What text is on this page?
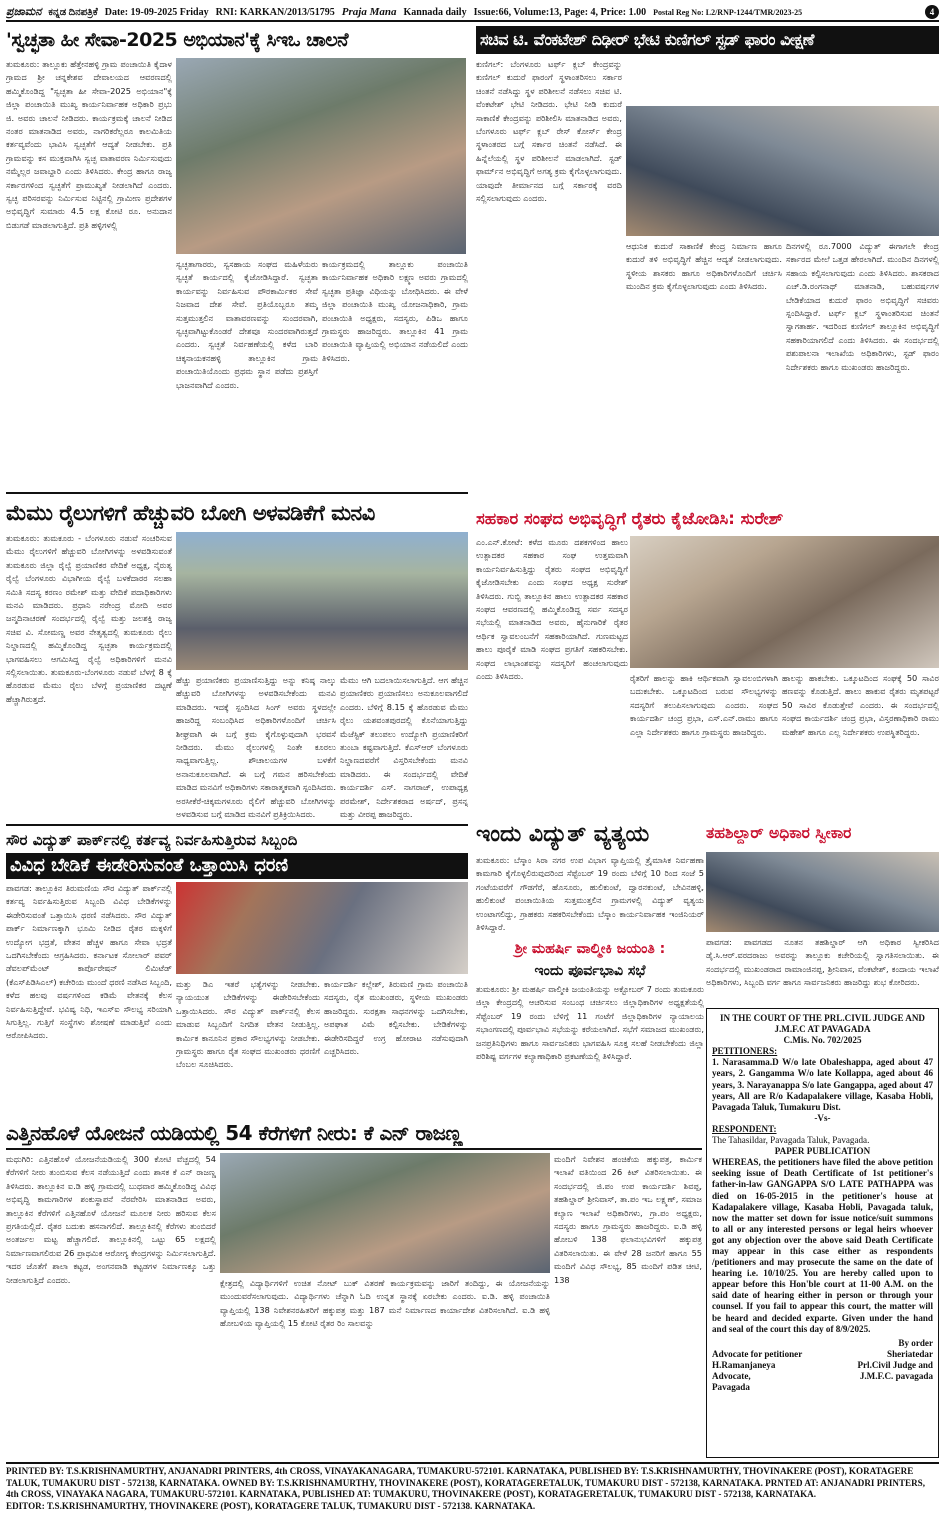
ಪ್ರಜಾಮನ ಕನ್ನಡ ದಿನಪತ್ರಿಕೆ Date: 19-09-2025 Friday RNI: KARKAN/2013/51795 Praja Mana Kannada daily Issue:66, Volume:13, Page: 4, Price: 1.00 Postal Reg No: L2/RNP-1244/TMR/2023-25	4
'ಸ್ವಚ್ಛತಾ ಹೀ ಸೇವಾ-2025 ಅಭಿಯಾನ'ಕ್ಕೆ ಸಿಇಒ ಚಾಲನೆ	ಸಚಿವ ಟಿ. ವೆಂಕಟೇಶ್ ದಿಢೀರ್ ಭೇಟಿ ಕುಣಿಗಲ್ ಸ್ಟಡ್ ಫಾರಂ ವೀಕ್ಷಣೆ
ತುಮಕೂರು: ತಾಲ್ಲೂಕು ಹೆತ್ತೇನಹಳ್ಳಿ ಗ್ರಾಮ ಪಂಚಾಯಿತಿ ಕೈದಾಳ ಗ್ರಾಮದ ಶ್ರೀ ಚನ್ನಕೇಶವ ದೇವಾಲಯದ ಆವರಣದಲ್ಲಿ ಹಮ್ಮಿಕೊಂಡಿದ್ದ "ಸ್ವಚ್ಛತಾ ಹೀ ಸೇವಾ-2025 ಅಭಿಯಾನ"ಕ್ಕೆ ಜಿಲ್ಲಾ ಪಂಚಾಯಿತಿ ಮುಖ್ಯ ಕಾರ್ಯನಿರ್ವಾಹಕ ಅಧಿಕಾರಿ ಪ್ರಭು ಜಿ. ಅವರು ಚಾಲನೆ ನೀಡಿದರು. ಕಾರ್ಯಕ್ರಮಕ್ಕೆ ಚಾಲನೆ ನೀಡಿದ ನಂತರ ಮಾತನಾಡಿದ ಅವರು, ನಾಗರಿಕರೆಲ್ಲರೂ ಕಾಲಮಿತಿಯ ಕರ್ತವ್ಯವೆಂದು ಭಾವಿಸಿ ಸ್ವಚ್ಛತೆಗೆ ಆದ್ಯತೆ ನೀಡಬೇಕು. ಪ್ರತಿ ಗ್ರಾಮವನ್ನು ಕಸ ಮುಕ್ತವಾಗಿಸಿ ಸ್ವಚ್ಛ ವಾತಾವರಣ ನಿರ್ಮಿಸುವುದು ನಮ್ಮೆಲ್ಲರ ಜವಾಬ್ದಾರಿ ಎಂದು ತಿಳಿಸಿದರು. ಕೇಂದ್ರ ಹಾಗೂ ರಾಜ್ಯ ಸರ್ಕಾರಗಳಿಂದ ಸ್ವಚ್ಛತೆಗೆ ಪ್ರಾಮುಖ್ಯತೆ ನೀಡಲಾಗಿದೆ ಎಂದರು. ಸ್ವಚ್ಛ ಪರಿಸರವನ್ನು ನಿರ್ಮಿಸುವ ನಿಟ್ಟಿನಲ್ಲಿ ಗ್ರಾಮೀಣ ಪ್ರದೇಶಗಳ ಅಭಿವೃದ್ಧಿಗೆ ಸುಮಾರು 4.5 ಲಕ್ಷ ಕೋಟಿ ರೂ. ಅನುದಾನ ಬಿಡುಗಡೆ ಮಾಡಲಾಗುತ್ತಿದೆ. ಪ್ರತಿ ಹಳ್ಳಿಗಳಲ್ಲಿ
ಸ್ವಚ್ಛತಾಗಾರರು, ಸ್ವಸಹಾಯ ಸಂಘದ ಮಹಿಳೆಯರು ಸ್ವಚ್ಛತೆ ಕಾರ್ಯದಲ್ಲಿ ಕೈಜೋಡಿಸಿದ್ದಾರೆ. ಸ್ವಚ್ಛತಾ ಕಾರ್ಯವನ್ನು ನಿರ್ವಹಿಸುವ ಪೌರಕಾರ್ಮಿಕರ ಸೇವೆ ನಿಜವಾದ ದೇಶ ಸೇವೆ. ಪ್ರತಿಯೊಬ್ಬರೂ ತಮ್ಮ ಸುತ್ತಮುತ್ತಲಿನ ವಾತಾವರಣವನ್ನು ಸುಂದರವಾಗಿ, ಸ್ವಚ್ಛವಾಗಿಟ್ಟುಕೊಂಡರೆ ದೇಶವೂ ಸುಂದರವಾಗಿರುತ್ತದೆ ಎಂದರು. ಸ್ವಚ್ಛತೆ ನಿರ್ವಹಣೆಯಲ್ಲಿ ಕಳೆದ ಬಾರಿ ಚಿಕ್ಕನಾಯಕನಹಳ್ಳಿ ತಾಲ್ಲೂಕಿನ ಗ್ರಾಮ ಪಂಚಾಯಿತಿಯೊಂದು ಪ್ರಥಮ ಸ್ಥಾನ ಪಡೆದು ಪ್ರಶಸ್ತಿಗೆ ಭಾಜನವಾಗಿದೆ ಎಂದರು.
ಕಾರ್ಯಕ್ರಮದಲ್ಲಿ ತಾಲ್ಲೂಕು ಪಂಚಾಯಿತಿ ಕಾರ್ಯನಿರ್ವಾಹಕ ಅಧಿಕಾರಿ ಲಕ್ಷ್ಮಣ ಅವರು ಗ್ರಾಮದಲ್ಲಿ ಸ್ವಚ್ಛತಾ ಪ್ರತಿಜ್ಞಾ ವಿಧಿಯನ್ನು ಬೋಧಿಸಿದರು. ಈ ವೇಳೆ ಜಿಲ್ಲಾ ಪಂಚಾಯಿತಿ ಮುಖ್ಯ ಯೋಜನಾಧಿಕಾರಿ, ಗ್ರಾಮ ಪಂಚಾಯಿತಿ ಅಧ್ಯಕ್ಷರು, ಸದಸ್ಯರು, ಪಿಡಿಒ ಹಾಗೂ ಗ್ರಾಮಸ್ಥರು ಹಾಜರಿದ್ದರು. ತಾಲ್ಲೂಕಿನ 41 ಗ್ರಾಮ ಪಂಚಾಯಿತಿ ವ್ಯಾಪ್ತಿಯಲ್ಲಿ ಅಭಿಯಾನ ನಡೆಯಲಿದೆ ಎಂದು ತಿಳಿಸಿದರು.
ಕುಣಿಗಲ್: ಬೆಂಗಳೂರು ಟರ್ಫ್ ಕ್ಲಬ್ ಕೇಂದ್ರವನ್ನು ಕುಣಿಗಲ್ ಕುದುರೆ ಫಾರಂಗೆ ಸ್ಥಳಾಂತರಿಸಲು ಸರ್ಕಾರ ಚಿಂತನೆ ನಡೆಸಿದ್ದು ಸ್ಥಳ ಪರಿಶೀಲನೆ ನಡೆಸಲು ಸಚಿವ ಟಿ. ವೆಂಕಟೇಶ್ ಭೇಟಿ ನೀಡಿದರು. ಭೇಟಿ ನೀಡಿ ಕುದುರೆ ಸಾಕಾಣಿಕೆ ಕೇಂದ್ರವನ್ನು ಪರಿಶೀಲಿಸಿ ಮಾತನಾಡಿದ ಅವರು, ಬೆಂಗಳೂರು ಟರ್ಫ್ ಕ್ಲಬ್ ರೇಸ್ ಕೋರ್ಸ್ ಕೇಂದ್ರ ಸ್ಥಳಾಂತರದ ಬಗ್ಗೆ ಸರ್ಕಾರ ಚಿಂತನೆ ನಡೆಸಿದೆ. ಈ ಹಿನ್ನೆಲೆಯಲ್ಲಿ ಸ್ಥಳ ಪರಿಶೀಲನೆ ಮಾಡಲಾಗಿದೆ. ಸ್ಟಡ್ ಫಾರ್ಮ್‌ನ ಅಭಿವೃದ್ಧಿಗೆ ಅಗತ್ಯ ಕ್ರಮ ಕೈಗೊಳ್ಳಲಾಗುವುದು. ಯಾವುದೇ ತೀರ್ಮಾನದ ಬಗ್ಗೆ ಸರ್ಕಾರಕ್ಕೆ ವರದಿ ಸಲ್ಲಿಸಲಾಗುವುದು ಎಂದರು.
ಆಧುನಿಕ ಕುದುರೆ ಸಾಕಾಣಿಕೆ ಕೇಂದ್ರ ನಿರ್ಮಾಣ ಹಾಗೂ ಕುದುರೆ ತಳಿ ಅಭಿವೃದ್ಧಿಗೆ ಹೆಚ್ಚಿನ ಆದ್ಯತೆ ನೀಡಲಾಗುವುದು. ಸ್ಥಳೀಯ ಶಾಸಕರು ಹಾಗೂ ಅಧಿಕಾರಿಗಳೊಂದಿಗೆ ಚರ್ಚಿಸಿ ಮುಂದಿನ ಕ್ರಮ ಕೈಗೊಳ್ಳಲಾಗುವುದು ಎಂದು ತಿಳಿಸಿದರು.
ದಿನಗಳಲ್ಲಿ ರೂ.7000 ವಿದ್ಯುತ್ ಈಗಾಗಲೇ ಕೇಂದ್ರ ಸರ್ಕಾರದ ಮೇಲೆ ಒತ್ತಡ ಹೇರಲಾಗಿದೆ. ಮುಂದಿನ ದಿನಗಳಲ್ಲಿ ಸಹಾಯ ಕಲ್ಪಿಸಲಾಗುವುದು ಎಂದು ತಿಳಿಸಿದರು. ಶಾಸಕರಾದ ಎಚ್.ಡಿ.ರಂಗನಾಥ್ ಮಾತನಾಡಿ, ಬಹುವರ್ಷಗಳ ಬೇಡಿಕೆಯಾದ ಕುದುರೆ ಫಾರಂ ಅಭಿವೃದ್ಧಿಗೆ ಸಚಿವರು ಸ್ಪಂದಿಸಿದ್ದಾರೆ. ಟರ್ಫ್ ಕ್ಲಬ್ ಸ್ಥಳಾಂತರಿಸುವ ಚಿಂತನೆ ಸ್ವಾಗತಾರ್ಹ. ಇದರಿಂದ ಕುಣಿಗಲ್ ತಾಲ್ಲೂಕಿನ ಅಭಿವೃದ್ಧಿಗೆ ಸಹಕಾರಿಯಾಗಲಿದೆ ಎಂದು ತಿಳಿಸಿದರು. ಈ ಸಂದರ್ಭದಲ್ಲಿ ಪಶುಪಾಲನಾ ಇಲಾಖೆಯ ಅಧಿಕಾರಿಗಳು, ಸ್ಟಡ್ ಫಾರಂ ನಿರ್ದೇಶಕರು ಹಾಗೂ ಮುಖಂಡರು ಹಾಜರಿದ್ದರು.
ಮೆಮು ರೈಲುಗಳಿಗೆ ಹೆಚ್ಚುವರಿ ಬೋಗಿ ಅಳವಡಿಕೆಗೆ ಮನವಿ
ತುಮಕೂರು: ತುಮಕೂರು - ಬೆಂಗಳೂರು ನಡುವೆ ಸಂಚರಿಸುವ ಮೆಮು ರೈಲುಗಳಿಗೆ ಹೆಚ್ಚುವರಿ ಬೋಗಿಗಳನ್ನು ಅಳವಡಿಸುವಂತೆ ತುಮಕೂರು ಜಿಲ್ಲಾ ರೈಲ್ವೆ ಪ್ರಯಾಣಿಕರ ವೇದಿಕೆ ಅಧ್ಯಕ್ಷ, ನೈರುತ್ಯ ರೈಲ್ವೆ ಬೆಂಗಳೂರು ವಿಭಾಗೀಯ ರೈಲ್ವೆ ಬಳಕೆದಾರರ ಸಲಹಾ ಸಮಿತಿ ಸದಸ್ಯ ಕರಣಂ ರಮೇಶ್ ಮತ್ತು ವೇದಿಕೆ ಪದಾಧಿಕಾರಿಗಳು ಮನವಿ ಮಾಡಿದರು. ಪ್ರಧಾನಿ ನರೇಂದ್ರ ಮೋದಿ ಅವರ ಜನ್ಮದಿನಾಚರಣೆ ಸಂದರ್ಭದಲ್ಲಿ ರೈಲ್ವೆ ಮತ್ತು ಜಲಶಕ್ತಿ ರಾಜ್ಯ ಸಚಿವ ವಿ. ಸೋಮಣ್ಣ ಅವರ ನೇತೃತ್ವದಲ್ಲಿ ತುಮಕೂರು ರೈಲು ನಿಲ್ದಾಣದಲ್ಲಿ ಹಮ್ಮಿಕೊಂಡಿದ್ದ ಸ್ವಚ್ಛತಾ ಕಾರ್ಯಕ್ರಮದಲ್ಲಿ ಭಾಗವಹಿಸಲು ಆಗಮಿಸಿದ್ದ ರೈಲ್ವೆ ಅಧಿಕಾರಿಗಳಿಗೆ ಮನವಿ ಸಲ್ಲಿಸಲಾಯಿತು. ತುಮಕೂರು-ಬೆಂಗಳೂರು ನಡುವೆ ಬೆಳಗ್ಗೆ 8 ಕ್ಕೆ ಹೊರಡುವ ಮೆಮು ರೈಲು ಬೆಳಗ್ಗೆ ಪ್ರಯಾಣಿಕರ ದಟ್ಟಣೆ ಹೆಚ್ಚಾಗಿರುತ್ತದೆ.
ಹೆಚ್ಚು ಪ್ರಯಾಣಿಕರು ಪ್ರಯಾಣಿಸುತ್ತಿದ್ದು ಅನ್ನು ಕನಿಷ್ಠ ನಾಲ್ಕು ಹೆಚ್ಚುವರಿ ಬೋಗಿಗಳನ್ನು ಅಳವಡಿಸಬೇಕೆಂದು ಮನವಿ ಮಾಡಿದರು. ಇದಕ್ಕೆ ಸ್ಪಂದಿಸಿದ ಸಿಂಗ್ ಅವರು ಸ್ಥಳದಲ್ಲೇ ಹಾಜರಿದ್ದ ಸಂಬಂಧಿಸಿದ ಅಧಿಕಾರಿಗಳೊಂದಿಗೆ ಚರ್ಚಿಸಿ ಶೀಘ್ರವಾಗಿ ಈ ಬಗ್ಗೆ ಕ್ರಮ ಕೈಗೊಳ್ಳುವುದಾಗಿ ಭರವಸೆ ನೀಡಿದರು. ಮೆಮು ರೈಲುಗಳಲ್ಲಿ ನಿಂತೇ ಕೂರಲು ಸಾಧ್ಯವಾಗುತ್ತಿಲ್ಲ. ಶೌಚಾಲಯಗಳ ಬಳಕೆಗೆ ಅನಾನುಕೂಲವಾಗಿದೆ. ಈ ಬಗ್ಗೆ ಗಮನ ಹರಿಸಬೇಕೆಂದು ಮಾಡಿದ ಮನವಿಗೆ ಅಧಿಕಾರಿಗಳು ಸಕಾರಾತ್ಮಕವಾಗಿ ಸ್ಪಂದಿಸಿದರು. ಅರಸೀಕೆರೆ-ಚಿಕ್ಕಮಗಳೂರು ರೈಲಿಗೆ ಹೆಚ್ಚುವರಿ ಬೋಗಿಗಳನ್ನು ಅಳವಡಿಸುವ ಬಗ್ಗೆ ಮಾಡಿದ ಮನವಿಗೆ ಪ್ರತಿಕ್ರಿಯಿಸಿದರು.
ಮೆಮು ಆಗಿ ಬದಲಾಯಿಸಲಾಗುತ್ತಿದೆ. ಆಗ ಹೆಚ್ಚಿನ ಪ್ರಯಾಣಿಕರು ಪ್ರಯಾಣಿಸಲು ಅನುಕೂಲವಾಗಲಿದೆ ಎಂದರು. ಬೆಳಿಗ್ಗೆ 8.15 ಕ್ಕೆ ಹೊರಡುವ ಮೆಮು ರೈಲು ಯಶವಂತಪುರದಲ್ಲಿ ಕೊನೆಯಾಗುತ್ತಿದ್ದು ಮೆಜೆಸ್ಟಿಕ್ ತಲುಪಲು ಉದ್ಯೋಗಿ ಪ್ರಯಾಣಿಕರಿಗೆ ತುಂಬಾ ಕಷ್ಟವಾಗುತ್ತಿದೆ. ಕೆಎಸ್‌ಆರ್ ಬೆಂಗಳೂರು ನಿಲ್ದಾಣದವರೆಗೆ ವಿಸ್ತರಿಸಬೇಕೆಂದು ಮನವಿ ಮಾಡಿದರು. ಈ ಸಂದರ್ಭದಲ್ಲಿ ವೇದಿಕೆ ಕಾರ್ಯದರ್ಶಿ ಎಸ್. ನಾಗರಾಜ್, ಉಪಾಧ್ಯಕ್ಷ ಪರಮೇಶ್, ನಿರ್ದೇಶಕರಾದ ಅರ್ಷದ್, ಪ್ರಸನ್ನ ಮತ್ತು ವೀರಪ್ಪ ಹಾಜರಿದ್ದರು.
ಸಹಕಾರ ಸಂಘದ ಅಭಿವೃದ್ಧಿಗೆ ರೈತರು ಕೈಜೋಡಿಸಿ: ಸುರೇಶ್
ಎಂ.ಎನ್.ಕೋಟೆ: ಕಳೆದ ಮೂರು ದಶಕಗಳಿಂದ ಹಾಲು ಉತ್ಪಾದಕರ ಸಹಕಾರ ಸಂಘ ಉತ್ತಮವಾಗಿ ಕಾರ್ಯನಿರ್ವಹಿಸುತ್ತಿದ್ದು ರೈತರು ಸಂಘದ ಅಭಿವೃದ್ಧಿಗೆ ಕೈಜೋಡಿಸಬೇಕು ಎಂದು ಸಂಘದ ಅಧ್ಯಕ್ಷ ಸುರೇಶ್ ತಿಳಿಸಿದರು. ಗುಬ್ಬಿ ತಾಲ್ಲೂಕಿನ ಹಾಲು ಉತ್ಪಾದಕರ ಸಹಕಾರ ಸಂಘದ ಆವರಣದಲ್ಲಿ ಹಮ್ಮಿಕೊಂಡಿದ್ದ ಸರ್ವ ಸದಸ್ಯರ ಸಭೆಯಲ್ಲಿ ಮಾತನಾಡಿದ ಅವರು, ಹೈನುಗಾರಿಕೆ ರೈತರ ಆರ್ಥಿಕ ಸ್ವಾವಲಂಬನೆಗೆ ಸಹಕಾರಿಯಾಗಿದೆ. ಗುಣಮಟ್ಟದ ಹಾಲು ಪೂರೈಕೆ ಮಾಡಿ ಸಂಘದ ಪ್ರಗತಿಗೆ ಸಹಕರಿಸಬೇಕು. ಸಂಘದ ಲಾಭಾಂಶವನ್ನು ಸದಸ್ಯರಿಗೆ ಹಂಚಲಾಗುವುದು ಎಂದು ತಿಳಿಸಿದರು.	ರೈತರಿಗೆ ಹಾಲನ್ನು ಹಾಕಿ ಆರ್ಥಿಕವಾಗಿ ಸ್ವಾವಲಂಬಿಗಳಾಗಿ ಬದುಕಬೇಕು. ಒಕ್ಕೂಟದಿಂದ ಬರುವ ಸೌಲಭ್ಯಗಳನ್ನು ಸದಸ್ಯರಿಗೆ ತಲುಪಿಸಲಾಗುವುದು ಎಂದರು. ಸಂಘದ ಕಾರ್ಯದರ್ಶಿ ಚಂದ್ರ ಪ್ರಭಾ, ಎಸ್.ಎನ್.ರಾಮು ಹಾಗೂ ಎಲ್ಲಾ ನಿರ್ದೇಶಕರು ಹಾಗೂ ಗ್ರಾಮಸ್ಥರು ಹಾಜರಿದ್ದರು.
ಹಾಲನ್ನು ಹಾಕಬೇಕು. ಒಕ್ಕೂಟದಿಂದ ಸಂಘಕ್ಕೆ 50 ಸಾವಿರ ಹಣವನ್ನು ಕೊಡುತ್ತಿದೆ. ಹಾಲು ಹಾಕುವ ರೈತರು ಮೃತಪಟ್ಟರೆ 50 ಸಾವಿರ ಕೊಡುತ್ತೇವೆ ಎಂದರು. ಈ ಸಂದರ್ಭದಲ್ಲಿ ಸಂಘದ ಕಾರ್ಯದರ್ಶಿ ಚಂದ್ರ ಪ್ರಭಾ, ವಿಸ್ತರಣಾಧಿಕಾರಿ ರಾಮು ಮಹೇಶ್ ಹಾಗೂ ಎಲ್ಲ ನಿರ್ದೇಶಕರು ಉಪಸ್ಥಿತರಿದ್ದರು.
ಸೌರ ವಿದ್ಯುತ್ ಪಾರ್ಕ್‌ನಲ್ಲಿ ಕರ್ತವ್ಯ ನಿರ್ವಹಿಸುತ್ತಿರುವ ಸಿಬ್ಬಂದಿ
ವಿವಿಧ ಬೇಡಿಕೆ ಈಡೇರಿಸುವಂತೆ ಒತ್ತಾಯಿಸಿ ಧರಣಿ
ಪಾವಗಡ: ತಾಲ್ಲೂಕಿನ ತಿರುಮಣಿಯ ಸೌರ ವಿದ್ಯುತ್ ಪಾರ್ಕ್‌ನಲ್ಲಿ ಕರ್ತವ್ಯ ನಿರ್ವಹಿಸುತ್ತಿರುವ ಸಿಬ್ಬಂದಿ ವಿವಿಧ ಬೇಡಿಕೆಗಳನ್ನು ಈಡೇರಿಸುವಂತೆ ಒತ್ತಾಯಿಸಿ ಧರಣಿ ನಡೆಸಿದರು. ಸೌರ ವಿದ್ಯುತ್ ಪಾರ್ಕ್ ನಿರ್ಮಾಣಕ್ಕಾಗಿ ಭೂಮಿ ನೀಡಿದ ರೈತರ ಮಕ್ಕಳಿಗೆ ಉದ್ಯೋಗ ಭದ್ರತೆ, ವೇತನ ಹೆಚ್ಚಳ ಹಾಗೂ ಸೇವಾ ಭದ್ರತೆ ಒದಗಿಸಬೇಕೆಂದು ಆಗ್ರಹಿಸಿದರು. ಕರ್ನಾಟಕ ಸೋಲಾರ್ ಪವರ್ ಡೆವಲಪ್‌ಮೆಂಟ್ ಕಾರ್ಪೊರೇಷನ್ ಲಿಮಿಟೆಡ್ (ಕೆಎಸ್‌ಪಿಡಿಸಿಎಲ್) ಕಚೇರಿಯ ಮುಂದೆ ಧರಣಿ ನಡೆಸಿದ ಸಿಬ್ಬಂದಿ, ಕಳೆದ ಹಲವು ವರ್ಷಗಳಿಂದ ಕಡಿಮೆ ವೇತನಕ್ಕೆ ಕೆಲಸ ನಿರ್ವಹಿಸುತ್ತಿದ್ದೇವೆ. ಭವಿಷ್ಯ ನಿಧಿ, ಇಎಸ್‌ಐ ಸೌಲಭ್ಯ ಸರಿಯಾಗಿ ಸಿಗುತ್ತಿಲ್ಲ. ಗುತ್ತಿಗೆ ಸಂಸ್ಥೆಗಳು ಶೋಷಣೆ ಮಾಡುತ್ತಿವೆ ಎಂದು ಆರೋಪಿಸಿದರು.
ಮತ್ತು ಡಿಎ ಇತರೆ ಭತ್ಯೆಗಳನ್ನು ನೀಡಬೇಕು. ನ್ಯಾಯಯುತ ಬೇಡಿಕೆಗಳನ್ನು ಈಡೇರಿಸಬೇಕೆಂದು ಒತ್ತಾಯಿಸಿದರು. ಸೌರ ವಿದ್ಯುತ್ ಪಾರ್ಕ್‌ನಲ್ಲಿ ಕೆಲಸ ಮಾಡುವ ಸಿಬ್ಬಂದಿಗೆ ನಿಗದಿತ ವೇತನ ನೀಡುತ್ತಿಲ್ಲ. ಕಾರ್ಮಿಕ ಕಾನೂನಿನ ಪ್ರಕಾರ ಸೌಲಭ್ಯಗಳನ್ನು ನೀಡಬೇಕು. ಗ್ರಾಮಸ್ಥರು ಹಾಗೂ ರೈತ ಸಂಘದ ಮುಖಂಡರು ಧರಣಿಗೆ ಬೆಂಬಲ ಸೂಚಿಸಿದರು.
ಕಾರ್ಯದರ್ಶಿ ಕಲ್ಲೇಶ್, ತಿರುಮಣಿ ಗ್ರಾಮ ಪಂಚಾಯಿತಿ ಸದಸ್ಯರು, ರೈತ ಮುಖಂಡರು, ಸ್ಥಳೀಯ ಮುಖಂಡರು ಹಾಜರಿದ್ದರು. ಸುರಕ್ಷತಾ ಸಾಧನಗಳನ್ನು ಒದಗಿಸಬೇಕು, ಅಪಘಾತ ವಿಮೆ ಕಲ್ಪಿಸಬೇಕು. ಬೇಡಿಕೆಗಳನ್ನು ಈಡೇರಿಸದಿದ್ದರೆ ಉಗ್ರ ಹೋರಾಟ ನಡೆಸುವುದಾಗಿ ಎಚ್ಚರಿಸಿದರು.
ಇಂದು ವಿದ್ಯುತ್ ವ್ಯತ್ಯಯ
ತುಮಕೂರು: ಬೆಸ್ಕಾಂ ಸಿರಾ ನಗರ ಉಪ ವಿಭಾಗ ವ್ಯಾಪ್ತಿಯಲ್ಲಿ ತ್ರೈಮಾಸಿಕ ನಿರ್ವಹಣಾ ಕಾಮಗಾರಿ ಕೈಗೊಳ್ಳಲಿರುವುದರಿಂದ ಸೆಪ್ಟೆಂಬರ್ 19 ರಂದು ಬೆಳಿಗ್ಗೆ 10 ರಿಂದ ಸಂಜೆ 5 ಗಂಟೆಯವರೆಗೆ ಗೌಡಗೆರೆ, ಹೊಸೂರು, ಹುಲಿಕುಂಟೆ, ದ್ವಾರನಕುಂಟೆ, ಬೇವಿನಹಳ್ಳಿ, ಹುಲಿಕುಂಟೆ ಪಂಚಾಯಿತಿಯ ಸುತ್ತಮುತ್ತಲಿನ ಗ್ರಾಮಗಳಲ್ಲಿ ವಿದ್ಯುತ್ ವ್ಯತ್ಯಯ ಉಂಟಾಗಲಿದ್ದು, ಗ್ರಾಹಕರು ಸಹಕರಿಸಬೇಕೆಂದು ಬೆಸ್ಕಾಂ ಕಾರ್ಯನಿರ್ವಾಹಕ ಇಂಜಿನಿಯರ್ ತಿಳಿಸಿದ್ದಾರೆ.
ಶ್ರೀ ಮಹರ್ಷಿ ವಾಲ್ಮೀಕಿ ಜಯಂತಿ :
ಇಂದು ಪೂರ್ವಭಾವಿ ಸಭೆ
ತುಮಕೂರು: ಶ್ರೀ ಮಹರ್ಷಿ ವಾಲ್ಮೀಕಿ ಜಯಂತಿಯನ್ನು ಅಕ್ಟೋಬರ್ 7 ರಂದು ತುಮಕೂರು ಜಿಲ್ಲಾ ಕೇಂದ್ರದಲ್ಲಿ ಆಚರಿಸುವ ಸಂಬಂಧ ಚರ್ಚಿಸಲು ಜಿಲ್ಲಾಧಿಕಾರಿಗಳ ಅಧ್ಯಕ್ಷತೆಯಲ್ಲಿ ಸೆಪ್ಟೆಂಬರ್ 19 ರಂದು ಬೆಳಿಗ್ಗೆ 11 ಗಂಟೆಗೆ ಜಿಲ್ಲಾಧಿಕಾರಿಗಳ ನ್ಯಾಯಾಲಯ ಸಭಾಂಗಣದಲ್ಲಿ ಪೂರ್ವಭಾವಿ ಸಭೆಯನ್ನು ಕರೆಯಲಾಗಿದೆ. ಸಭೆಗೆ ಸಮಾಜದ ಮುಖಂಡರು, ಜನಪ್ರತಿನಿಧಿಗಳು ಹಾಗೂ ಸಾರ್ವಜನಿಕರು ಭಾಗವಹಿಸಿ ಸೂಕ್ತ ಸಲಹೆ ನೀಡಬೇಕೆಂದು ಜಿಲ್ಲಾ ಪರಿಶಿಷ್ಟ ವರ್ಗಗಳ ಕಲ್ಯಾಣಾಧಿಕಾರಿ ಪ್ರಕಟಣೆಯಲ್ಲಿ ತಿಳಿಸಿದ್ದಾರೆ.
ತಹಶಿಲ್ದಾರ್ ಅಧಿಕಾರ ಸ್ವೀಕಾರ
ಪಾವಗಡ: ಪಾವಗಡದ ನೂತನ ತಹಶಿಲ್ದಾರ್ ಆಗಿ ಅಧಿಕಾರ ಸ್ವೀಕರಿಸಿದ ಡೈ.ಸಿ.ಆರ್.ವರದರಾಜು ಅವರನ್ನು ತಾಲ್ಲೂಕು ಕಚೇರಿಯಲ್ಲಿ ಸ್ವಾಗತಿಸಲಾಯಿತು. ಈ ಸಂದರ್ಭದಲ್ಲಿ ಮುಖಂಡರಾದ ರಾಮಾಂಜಿನಪ್ಪ, ಶ್ರೀನಿವಾಸ, ವೆಂಕಟೇಶ್, ಕಂದಾಯ ಇಲಾಖೆ ಅಧಿಕಾರಿಗಳು, ಸಿಬ್ಬಂದಿ ವರ್ಗ ಹಾಗೂ ಸಾರ್ವಜನಿಕರು ಹಾಜರಿದ್ದು ಶುಭ ಕೋರಿದರು.
IN THE COURT OF THE PRL.CIVIL JUDGE AND J.M.F.C AT PAVAGADA
C.Mis. No. 702/2025
PETITIONERS:
1. Narasamma.D W/o late Obaleshappa, aged about 47 years, 2. Gangamma W/o late Kollappa, aged about 46 years, 3. Narayanappa S/o late Gangappa, aged about 47 years, All are R/o Kadapalakere village, Kasaba Hobli, Pavagada Taluk, Tumakuru Dist.
-Vs-
RESPONDENT:
The Tahasildar, Pavagada Taluk, Pavagada.
PAPER PUBLICATION
WHEREAS, the petitioners have filed the above petition seeking issue of Death Certificate of 1st petitioner's father-in-law GANGAPPA S/O LATE PATHAPPA was died on 16-05-2015 in the petitioner's house at Kadapalakere village, Kasaba Hobli, Pavagada taluk, now the matter set down for issue notice/suit summons to all or any interested persons or legal heirs whoever got any objection over the above said Death Certificate may appear in this case either as respondents /petitioners and may prosecute the same on the date of hearing i.e. 10/10/25. You are hereby called upon to appear before this Hon'ble court at 11-00 A.M. on the said date of hearing either in person or through your counsel. If you fail to appear this court, the matter will be heard and decided exparte. Given under the hand and seal of the court this day of 8/9/2025.
By order
Advocate for petitioner
H.Ramanjaneya
Advocate,
Pavagada
Sheriatedar
Prl.Civil Judge and
J.M.F.C. pavagada
ಎತ್ತಿನಹೊಳೆ ಯೋಜನೆ ಯಡಿಯಲ್ಲಿ 54 ಕೆರೆಗಳಿಗೆ ನೀರು: ಕೆ ಎನ್ ರಾಜಣ್ಣ
ಮಧುಗಿರಿ: ಎತ್ತಿನಹೊಳೆ ಯೋಜನೆಯಡಿಯಲ್ಲಿ 300 ಕೋಟಿ ವೆಚ್ಚದಲ್ಲಿ 54 ಕೆರೆಗಳಿಗೆ ನೀರು ತುಂಬಿಸುವ ಕೆಲಸ ನಡೆಯುತ್ತಿದೆ ಎಂದು ಶಾಸಕ ಕೆ ಎನ್ ರಾಜಣ್ಣ ತಿಳಿಸಿದರು. ತಾಲ್ಲೂಕಿನ ಐ.ಡಿ ಹಳ್ಳಿ ಗ್ರಾಮದಲ್ಲಿ ಬುಧವಾರ ಹಮ್ಮಿಕೊಂಡಿದ್ದ ವಿವಿಧ ಅಭಿವೃದ್ಧಿ ಕಾಮಗಾರಿಗಳ ಶಂಕುಸ್ಥಾಪನೆ ನೆರವೇರಿಸಿ ಮಾತನಾಡಿದ ಅವರು, ತಾಲ್ಲೂಕಿನ ಕೆರೆಗಳಿಗೆ ಎತ್ತಿನಹೊಳೆ ಯೋಜನೆ ಮೂಲಕ ನೀರು ಹರಿಸುವ ಕೆಲಸ ಪ್ರಗತಿಯಲ್ಲಿದೆ. ರೈತರ ಬದುಕು ಹಸನಾಗಲಿದೆ. ತಾಲ್ಲೂಕಿನಲ್ಲಿ ಕೆರೆಗಳು ತುಂಬಿದರೆ ಅಂತರ್ಜಲ ಮಟ್ಟ ಹೆಚ್ಚಾಗಲಿದೆ. ತಾಲ್ಲೂಕಿನಲ್ಲಿ ಒಟ್ಟು 65 ಲಕ್ಷದಲ್ಲಿ ನಿರ್ಮಾಣವಾಗಲಿರುವ 26 ಪ್ರಾಥಮಿಕ ಆರೋಗ್ಯ ಕೇಂದ್ರಗಳನ್ನು ನಿರ್ಮಿಸಲಾಗುತ್ತಿದೆ. ಇದರ ಜೊತೆಗೆ ಶಾಲಾ ಕಟ್ಟಡ, ಅಂಗನವಾಡಿ ಕಟ್ಟಡಗಳ ನಿರ್ಮಾಣಕ್ಕೂ ಒತ್ತು ನೀಡಲಾಗುತ್ತಿದೆ ಎಂದರು.	ಕ್ಷೇತ್ರದಲ್ಲಿ ವಿದ್ಯಾರ್ಥಿಗಳಿಗೆ ಉಚಿತ ನೋಟ್ ಬುಕ್ ವಿತರಣೆ ಕಾರ್ಯಕ್ರಮವನ್ನು ಜಾರಿಗೆ ತಂದಿದ್ದು, ಈ ಯೋಜನೆಯನ್ನು ಮುಂದುವರೆಸಲಾಗುವುದು. ವಿದ್ಯಾರ್ಥಿಗಳು ಚೆನ್ನಾಗಿ ಓದಿ ಉನ್ನತ ಸ್ಥಾನಕ್ಕೆ ಏರಬೇಕು ಎಂದರು. ಐ.ಡಿ. ಹಳ್ಳಿ ಪಂಚಾಯಿತಿ ವ್ಯಾಪ್ತಿಯಲ್ಲಿ 138 ನಿವೇಶನರಹಿತರಿಗೆ ಹಕ್ಕುಪತ್ರ ಮತ್ತು 187 ಮನೆ ನಿರ್ಮಾಣದ ಕಾರ್ಯಾದೇಶ ವಿತರಿಸಲಾಗಿದೆ. ಐ.ಡಿ ಹಳ್ಳಿ ಹೋಬಳಿಯ ವ್ಯಾಪ್ತಿಯಲ್ಲಿ 15 ಕೋಟಿ ರೈತರ ರಿಂ ಸಾಲವನ್ನು
ಮಂದಿಗೆ ನಿವೇಶನ ಹಂಚಿಕೆಯ ಹಕ್ಕುಪತ್ರ, ಕಾರ್ಮಿಕ ಇಲಾಖೆ ವತಿಯಿಂದ 26 ಕಿಟ್ ವಿತರಿಸಲಾಯಿತು. ಈ ಸಂದರ್ಭದಲ್ಲಿ ಜಿ.ಪಂ ಉಪ ಕಾರ್ಯದರ್ಶಿ ಶಿವಪ್ಪ, ತಹಶಿಲ್ದಾರ್ ಶ್ರೀನಿವಾಸ್, ತಾ.ಪಂ ಇಒ ಲಕ್ಷ್ಮಣ್, ಸಮಾಜ ಕಲ್ಯಾಣ ಇಲಾಖೆ ಅಧಿಕಾರಿಗಳು, ಗ್ರಾ.ಪಂ ಅಧ್ಯಕ್ಷರು, ಸದಸ್ಯರು ಹಾಗೂ ಗ್ರಾಮಸ್ಥರು ಹಾಜರಿದ್ದರು. ಐ.ಡಿ ಹಳ್ಳಿ ಹೋಬಳಿ 138 ಫಲಾನುಭವಿಗಳಿಗೆ ಹಕ್ಕುಪತ್ರ ವಿತರಿಸಲಾಯಿತು. ಈ ವೇಳೆ 28 ಜನರಿಗೆ ಹಾಗೂ 55 ಮಂದಿಗೆ ವಿವಿಧ ಸೌಲಭ್ಯ, 85 ಮಂದಿಗೆ ಪಡಿತ ಚೀಟಿ, 138
PRINTED BY: T.S.KRISHNAMURTHY, ANJANADRI PRINTERS, 4th CROSS, VINAYAKANAGARA, TUMAKURU-572101. KARNATAKA, PUBLISHED BY: T.S.KRISHNAMURTHY, THOVINAKERE (POST), KORATAGERE TALUK, TUMAKURU DIST - 572138, KARNATAKA. OWNED BY: T.S.KRISHNAMURTHY, THOVINAKERE (POST), KORATAGERETALUK, TUMAKURU DIST - 572138, KARNATAKA. PRNTED AT: ANJANADRI PRINTERS, 4th CROSS, VINAYAKA NAGARA, TUMAKURU-572101. KARNATAKA, PUBLISHED AT: TUMAKURU, THOVINAKERE (POST), KORATAGERETALUK, TUMAKURU DIST - 572138, KARNATAKA.
EDITOR: T.S.KRISHNAMURTHY, THOVINAKERE (POST), KORATAGERE TALUK, TUMAKURU DIST - 572138. KARNATAKA.
